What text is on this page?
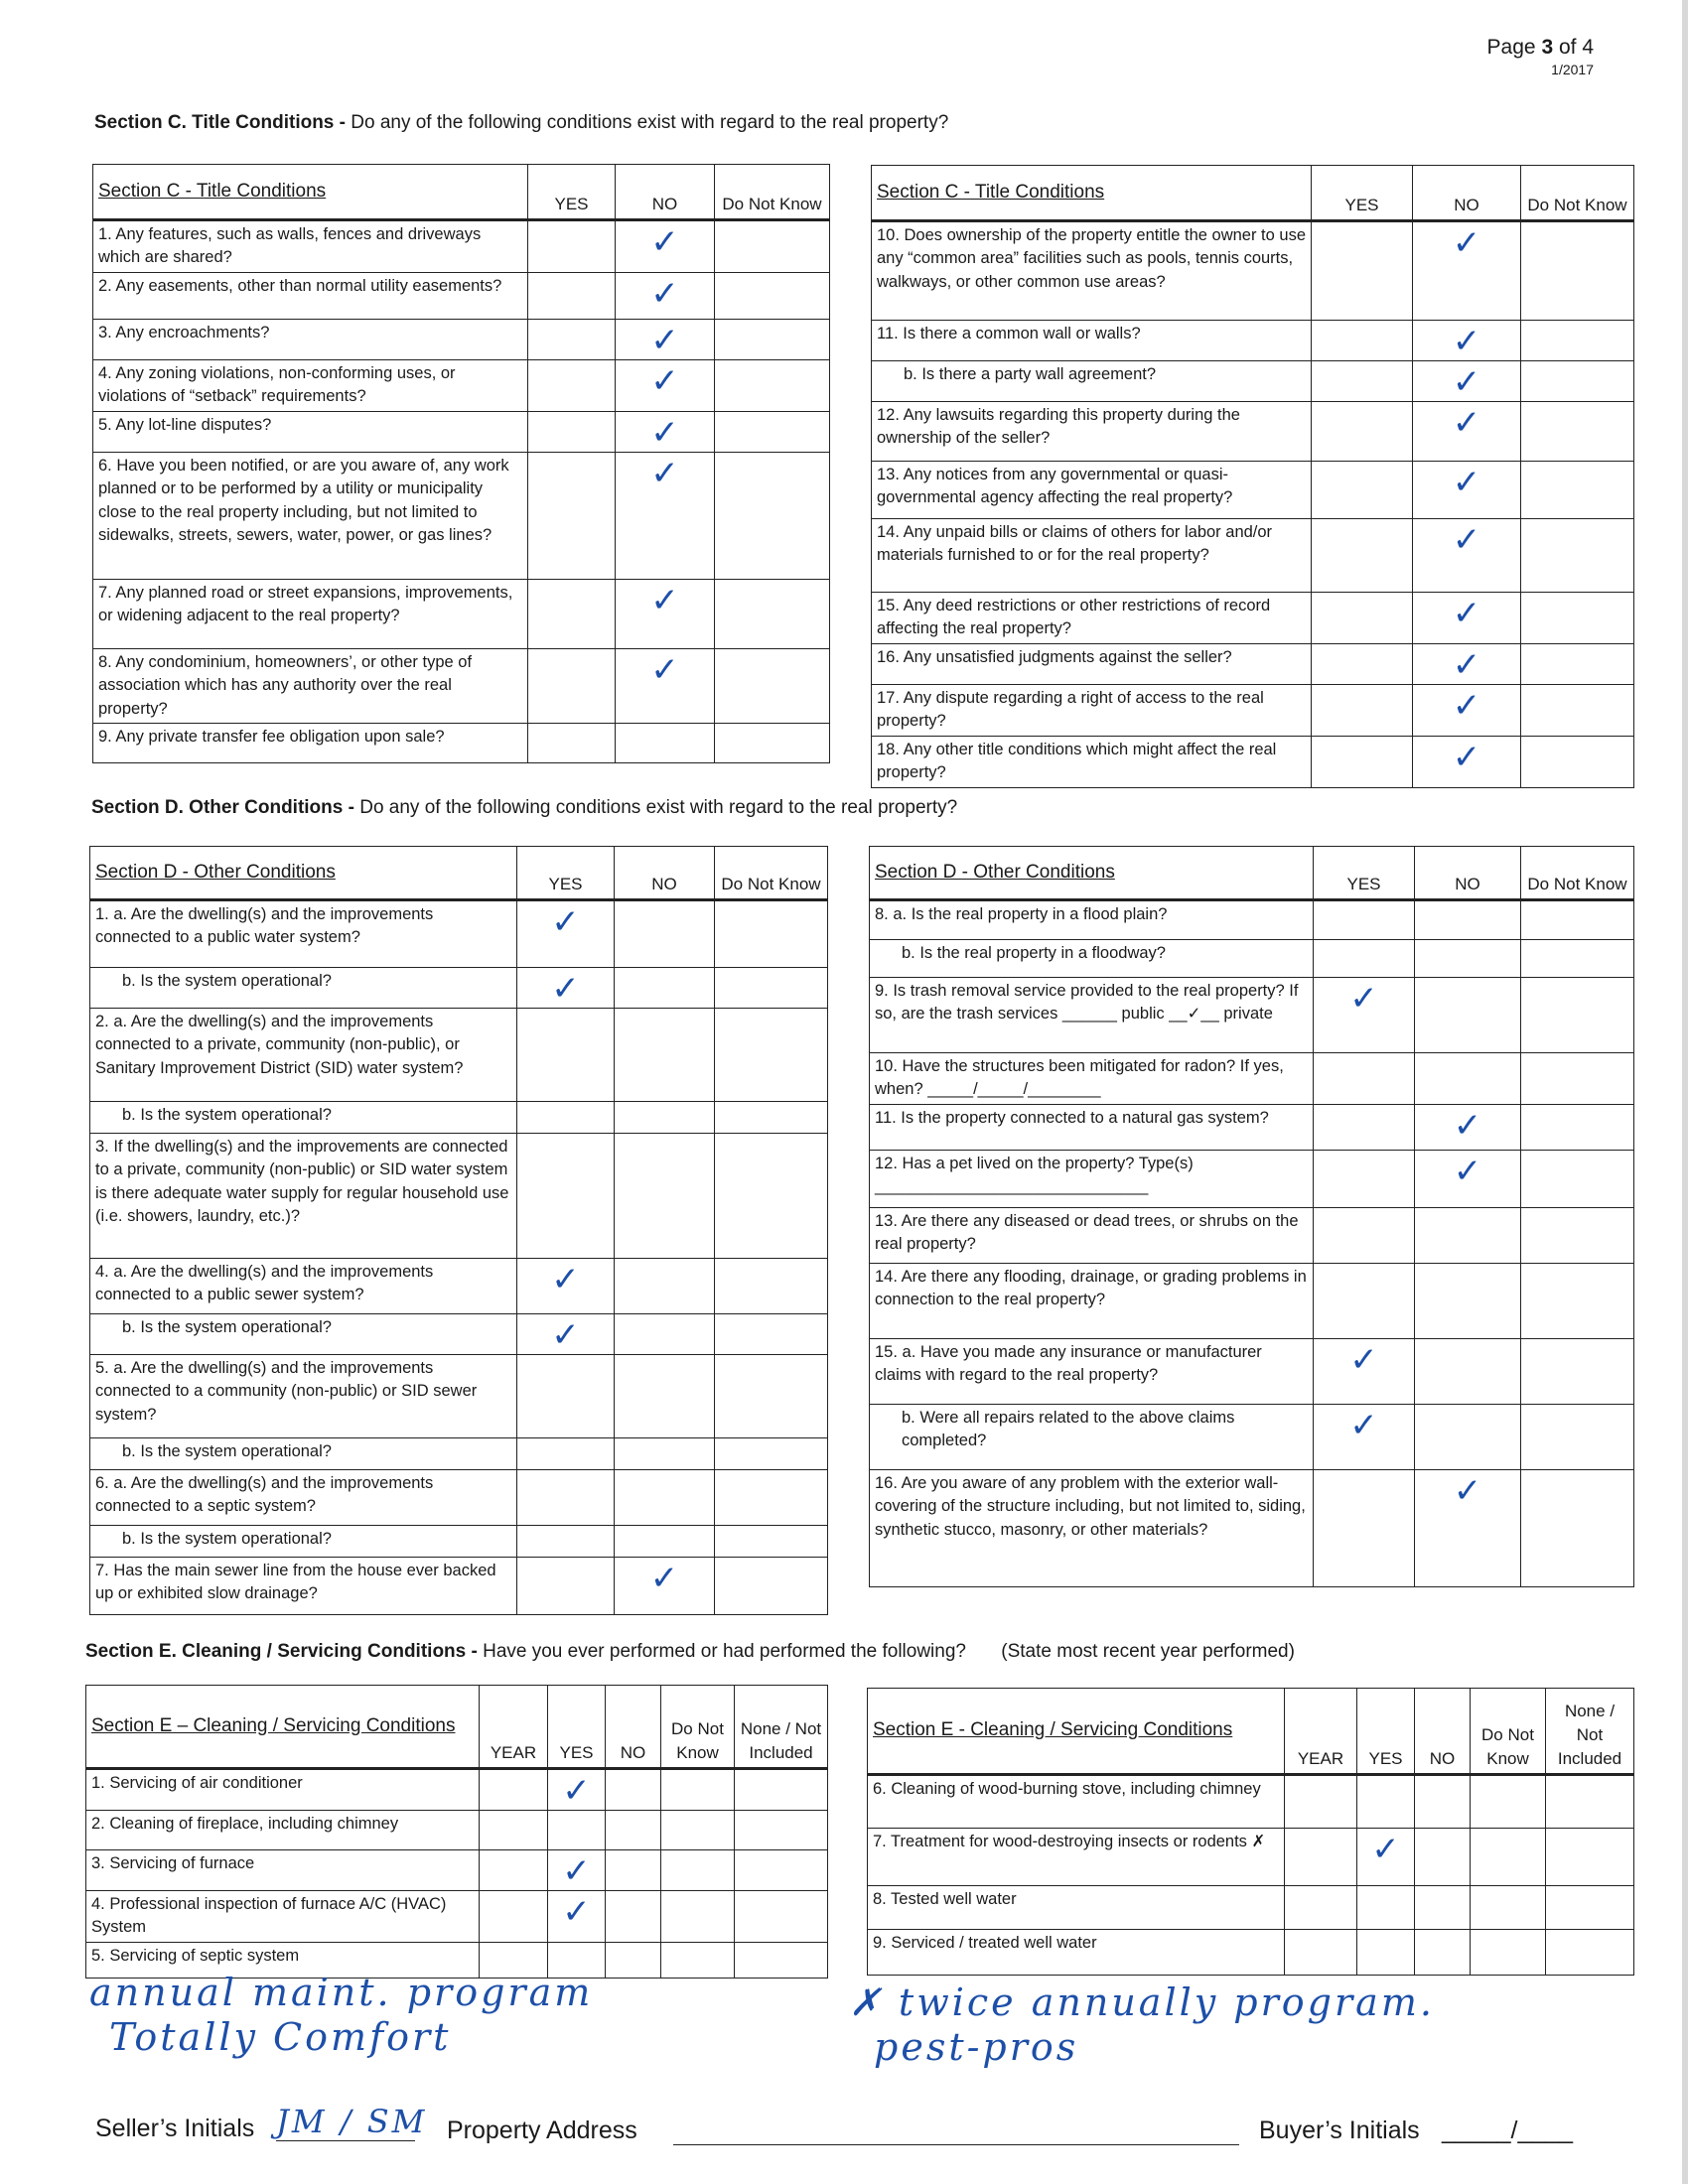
Page 3 of 4
1/2017
Section C. Title Conditions - Do any of the following conditions exist with regard to the real property?
Section C - Title Conditions	YES	NO	Do Not Know
1. Any features, such as walls, fences and driveways which are shared?		✓	

2. Any easements, other than normal utility easements?		✓	

3. Any encroachments?		✓	

4. Any zoning violations, non-conforming uses, or violations of “setback” requirements?		✓	

5. Any lot-line disputes?		✓	

6. Have you been notified, or are you aware of, any work planned or to be performed by a utility or municipality close to the real property including, but not limited to sidewalks, streets, sewers, water, power, or gas lines?		✓	

7. Any planned road or street expansions, improvements, or widening adjacent to the real property?		✓	

8. Any condominium, homeowners’, or other type of association which has any authority over the real property?		✓	

9. Any private transfer fee obligation upon sale?		

Section C - Title Conditions	YES	NO	Do Not Know
10. Does ownership of the property entitle the owner to use any “common area” facilities such as pools, tennis courts, walkways, or other common use areas?		✓	

11. Is there a common wall or walls?		✓	

b. Is there a party wall agreement?		✓	

12. Any lawsuits regarding this property during the ownership of the seller?		✓	

13. Any notices from any governmental or quasi-governmental agency affecting the real property?		✓	

14. Any unpaid bills or claims of others for labor and/or materials furnished to or for the real property?		✓	

15. Any deed restrictions or other restrictions of record affecting the real property?		✓	

16. Any unsatisfied judgments against the seller?		✓	

17. Any dispute regarding a right of access to the real property?		✓	

18. Any other title conditions which might affect the real property?		✓	

Section D. Other Conditions - Do any of the following conditions exist with regard to the real property?
Section D - Other Conditions	YES	NO	Do Not Know
1. a. Are the dwelling(s) and the improvements connected to a public water system?	✓		

b. Is the system operational?	✓		

2. a. Are the dwelling(s) and the improvements connected to a private, community (non-public), or Sanitary Improvement District (SID) water system?	

b. Is the system operational?	

3. If the dwelling(s) and the improvements are connected to a private, community (non-public) or SID water system is there adequate water supply for regular household use (i.e. showers, laundry, etc.)?	

4. a. Are the dwelling(s) and the improvements connected to a public sewer system?	✓		

b. Is the system operational?	✓		

5. a. Are the dwelling(s) and the improvements connected to a community (non-public) or SID sewer system?	

b. Is the system operational?	

6. a. Are the dwelling(s) and the improvements connected to a septic system?	

b. Is the system operational?	

7. Has the main sewer line from the house ever backed up or exhibited slow drainage?		✓	

Section D - Other Conditions	YES	NO	Do Not Know
8. a. Is the real property in a flood plain?	

b. Is the real property in a floodway?	

9. Is trash removal service provided to the real property? If so, are the trash services ______ public __✓__ private	✓		

10. Have the structures been mitigated for radon? If yes, when? _____/_____/________	

11. Is the property connected to a natural gas system?		✓	

12. Has a pet lived on the property? Type(s) ______________________________		✓	

13. Are there any diseased or dead trees, or shrubs on the real property?	

14. Are there any flooding, drainage, or grading problems in connection to the real property?	

15. a. Have you made any insurance or manufacturer claims with regard to the real property?	✓		

b. Were all repairs related to the above claims completed?	✓		

16. Are you aware of any problem with the exterior wall-covering of the structure including, but not limited to, siding, synthetic stucco, masonry, or other materials?		✓	

Section E. Cleaning / Servicing Conditions - Have you ever performed or had performed the following? (State most recent year performed)
Section E – Cleaning / Servicing Conditions	YEAR	YES	NO	Do Not Know	None / Not Included
1. Servicing of air conditioner		✓			

2. Cleaning of fireplace, including chimney		

3. Servicing of furnace		✓			

4. Professional inspection of furnace A/C (HVAC) System		✓			

5. Servicing of septic system		

Section E - Cleaning / Servicing Conditions	YEAR	YES	NO	Do Not Know	None / Not Included
6. Cleaning of wood-burning stove, including chimney		

7. Treatment for wood-destroying insects or rodents ✗		✓			

8. Tested well water		

9. Serviced / treated well water		

annual maint. program
Totally Comfort
✗ twice annually program.
pest-pros
Seller’s Initials JM / SM Property Address	Buyer’s Initials _____/____
